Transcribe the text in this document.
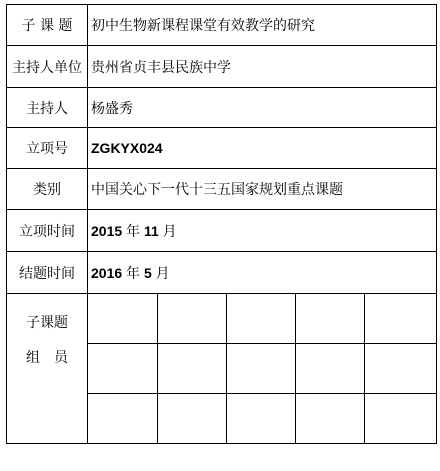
子 课 题	初中生物新课程课堂有效教学的研究				
主持人单位	贵州省贞丰县民族中学				
主持人	杨盛秀				
立项号	ZGKYX024				
类别	中国关心下一代十三五国家规划重点课题				
立项时间	2015 年 11 月				
结题时间	2016 年 5 月				

子课题
组　员					
